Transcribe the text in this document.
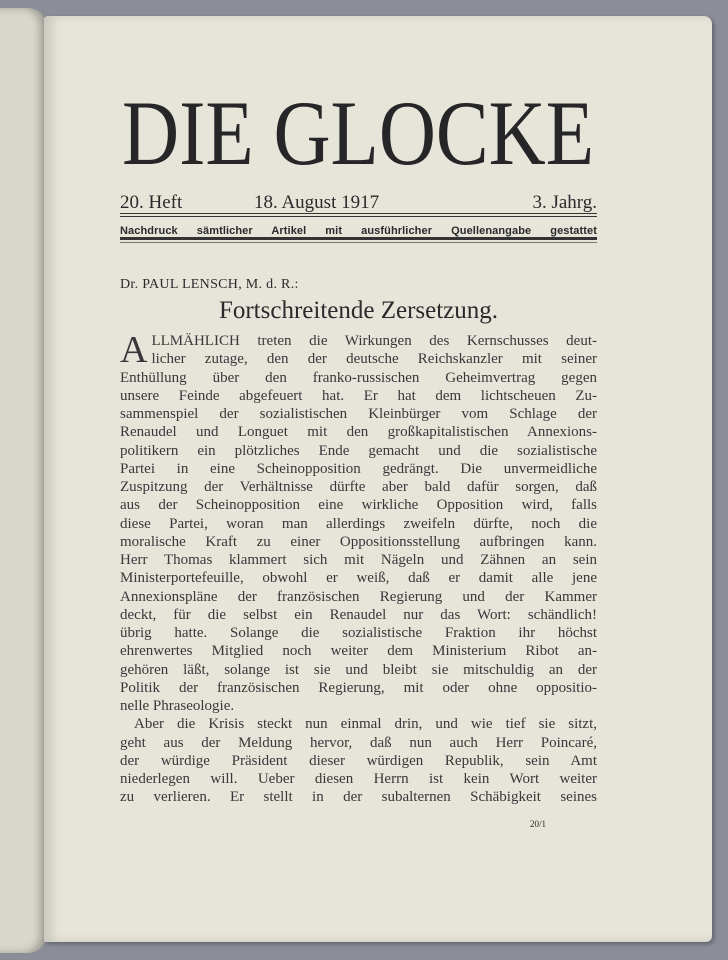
DIE GLOCKE
20. Heft	18. August 1917	3. Jahrg.
Nachdruck sämtlicher Artikel mit ausführlicher Quellenangabe gestattet
Dr. PAUL LENSCH, M. d. R.:
Fortschreitende Zersetzung.
A LLMÄHLICH treten die Wirkungen des Kernschusses deut-
licher zutage, den der deutsche Reichskanzler mit seiner
Enthüllung über den franko-russischen Geheimvertrag gegen
unsere Feinde abgefeuert hat. Er hat dem lichtscheuen Zu-
sammenspiel der sozialistischen Kleinbürger vom Schlage der
Renaudel und Longuet mit den großkapitalistischen Annexions-
politikern ein plötzliches Ende gemacht und die sozialistische
Partei in eine Scheinopposition gedrängt. Die unvermeidliche
Zuspitzung der Verhältnisse dürfte aber bald dafür sorgen, daß
aus der Scheinopposition eine wirkliche Opposition wird, falls
diese Partei, woran man allerdings zweifeln dürfte, noch die
moralische Kraft zu einer Oppositionsstellung aufbringen kann.
Herr Thomas klammert sich mit Nägeln und Zähnen an sein
Ministerportefeuille, obwohl er weiß, daß er damit alle jene
Annexionspläne der französischen Regierung und der Kammer
deckt, für die selbst ein Renaudel nur das Wort: schändlich!
übrig hatte. Solange die sozialistische Fraktion ihr höchst
ehrenwertes Mitglied noch weiter dem Ministerium Ribot an-
gehören läßt, solange ist sie und bleibt sie mitschuldig an der
Politik der französischen Regierung, mit oder ohne oppositio-
nelle Phraseologie.
Aber die Krisis steckt nun einmal drin, und wie tief sie sitzt,
geht aus der Meldung hervor, daß nun auch Herr Poincaré,
der würdige Präsident dieser würdigen Republik, sein Amt
niederlegen will. Ueber diesen Herrn ist kein Wort weiter
zu verlieren. Er stellt in der subalternen Schäbigkeit seines
20/1
